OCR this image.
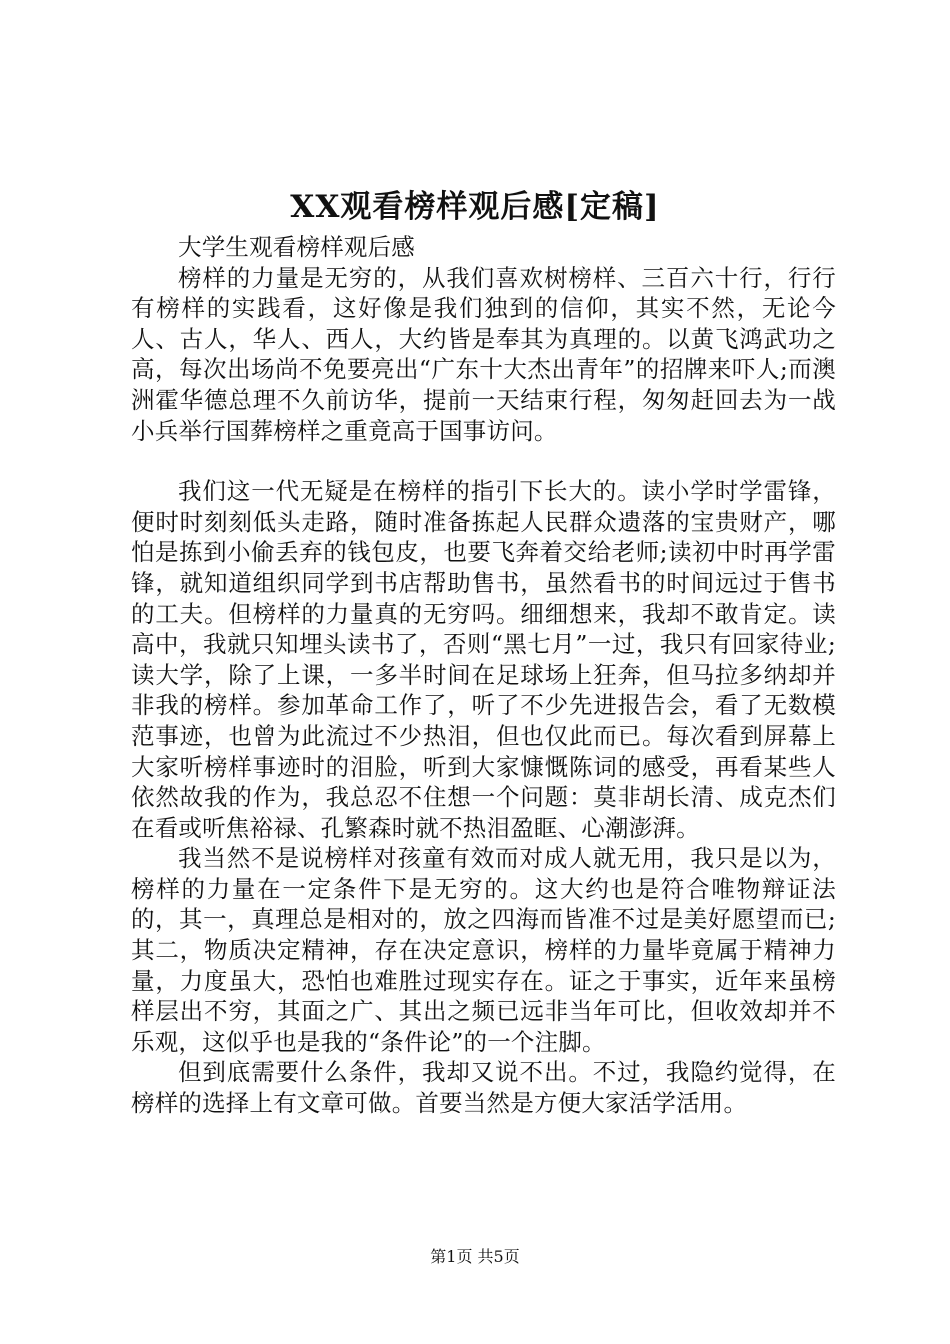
XX观看榜样观后感[定稿]

大学生观看榜样观后感

榜样的力量是无穷的，从我们喜欢树榜样、三百六十行，行行有榜样的实践看，这好像是我们独到的信仰，其实不然，无论今人、古人，华人、西人，大约皆是奉其为真理的。以黄飞鸿武功之高，每次出场尚不免要亮出“广东十大杰出青年”的招牌来吓人;而澳洲霍华德总理不久前访华，提前一天结束行程，匆匆赶回去为一战小兵举行国葬榜样之重竟高于国事访问。

我们这一代无疑是在榜样的指引下长大的。读小学时学雷锋，便时时刻刻低头走路，随时准备拣起人民群众遗落的宝贵财产，哪怕是拣到小偷丢弃的钱包皮，也要飞奔着交给老师;读初中时再学雷锋，就知道组织同学到书店帮助售书，虽然看书的时间远过于售书的工夫。但榜样的力量真的无穷吗。细细想来，我却不敢肯定。读高中，我就只知埋头读书了，否则“黑七月”一过，我只有回家待业;读大学，除了上课，一多半时间在足球场上狂奔，但马拉多纳却并非我的榜样。参加革命工作了，听了不少先进报告会，看了无数模范事迹，也曾为此流过不少热泪，但也仅此而已。每次看到屏幕上大家听榜样事迹时的泪脸，听到大家慷慨陈词的感受，再看某些人依然故我的作为，我总忍不住想一个问题：莫非胡长清、成克杰们在看或听焦裕禄、孔繁森时就不热泪盈眶、心潮澎湃。

我当然不是说榜样对孩童有效而对成人就无用，我只是以为，榜样的力量在一定条件下是无穷的。这大约也是符合唯物辩证法的，其一，真理总是相对的，放之四海而皆准不过是美好愿望而已;其二，物质决定精神，存在决定意识，榜样的力量毕竟属于精神力量，力度虽大，恐怕也难胜过现实存在。证之于事实，近年来虽榜样层出不穷，其面之广、其出之频已远非当年可比，但收效却并不乐观，这似乎也是我的“条件论”的一个注脚。

但到底需要什么条件，我却又说不出。不过，我隐约觉得，在榜样的选择上有文章可做。首要当然是方便大家活学活用。

第1页 共5页
